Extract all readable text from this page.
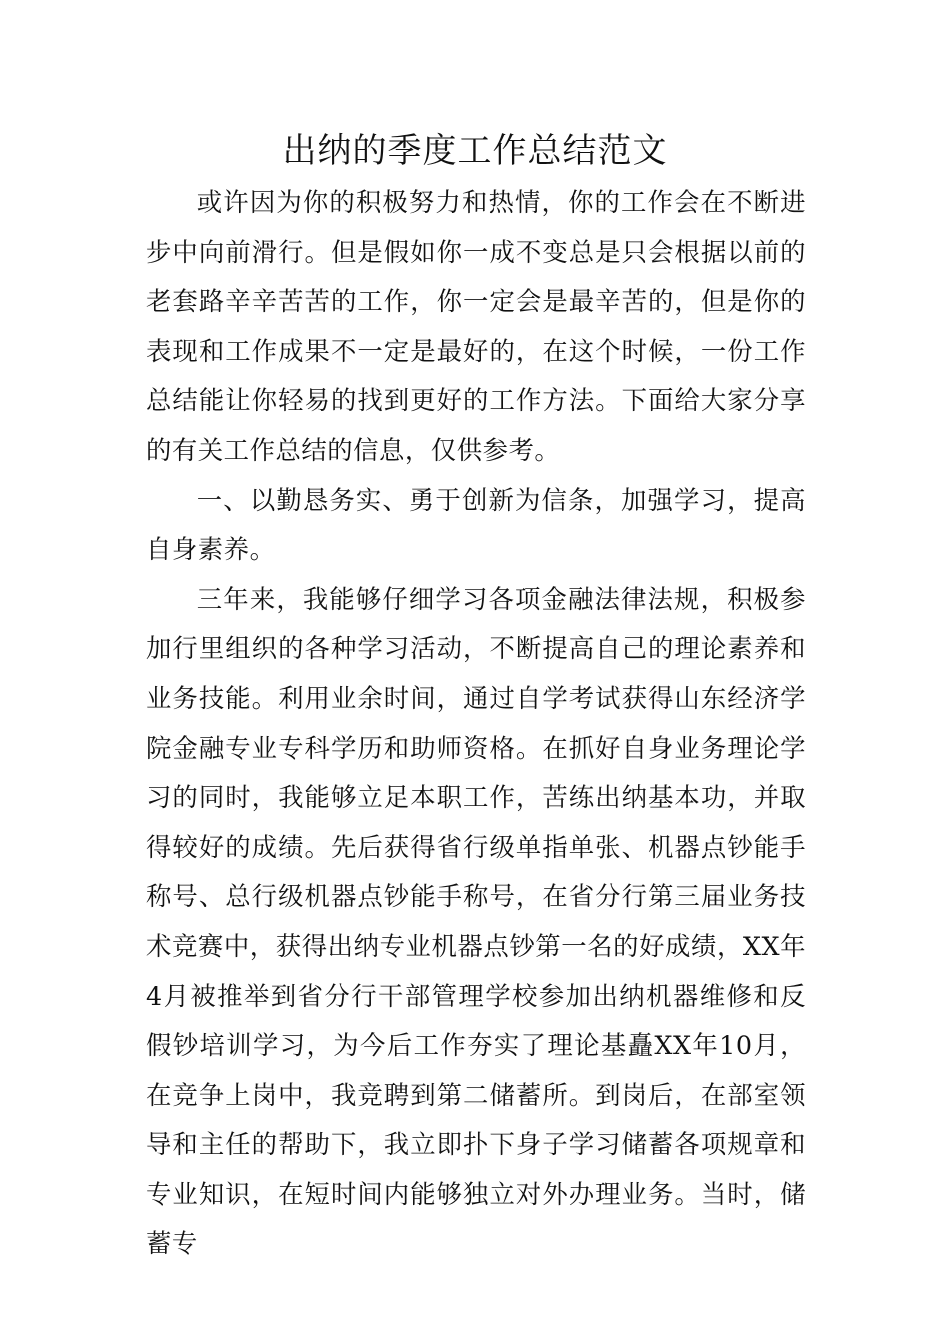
出纳的季度工作总结范文

或许因为你的积极努力和热情，你的工作会在不断进步中向前滑行。但是假如你一成不变总是只会根据以前的老套路辛辛苦苦的工作，你一定会是最辛苦的，但是你的表现和工作成果不一定是最好的，在这个时候，一份工作总结能让你轻易的找到更好的工作方法。下面给大家分享的有关工作总结的信息，仅供参考。

一、以勤恳务实、勇于创新为信条，加强学习，提高自身素养。

三年来，我能够仔细学习各项金融法律法规，积极参加行里组织的各种学习活动，不断提高自己的理论素养和业务技能。利用业余时间，通过自学考试获得山东经济学院金融专业专科学历和助师资格。在抓好自身业务理论学习的同时，我能够立足本职工作，苦练出纳基本功，并取得较好的成绩。先后获得省行级单指单张、机器点钞能手称号、总行级机器点钞能手称号，在省分行第三届业务技术竞赛中，获得出纳专业机器点钞第一名的好成绩，XX年4月被推举到省分行干部管理学校参加出纳机器维修和反假钞培训学习，为今后工作夯实了理论基矗XX年10月，在竞争上岗中，我竞聘到第二储蓄所。到岗后，在部室领导和主任的帮助下，我立即扑下身子学习储蓄各项规章和专业知识，在短时间内能够独立对外办理业务。当时，储蓄专
